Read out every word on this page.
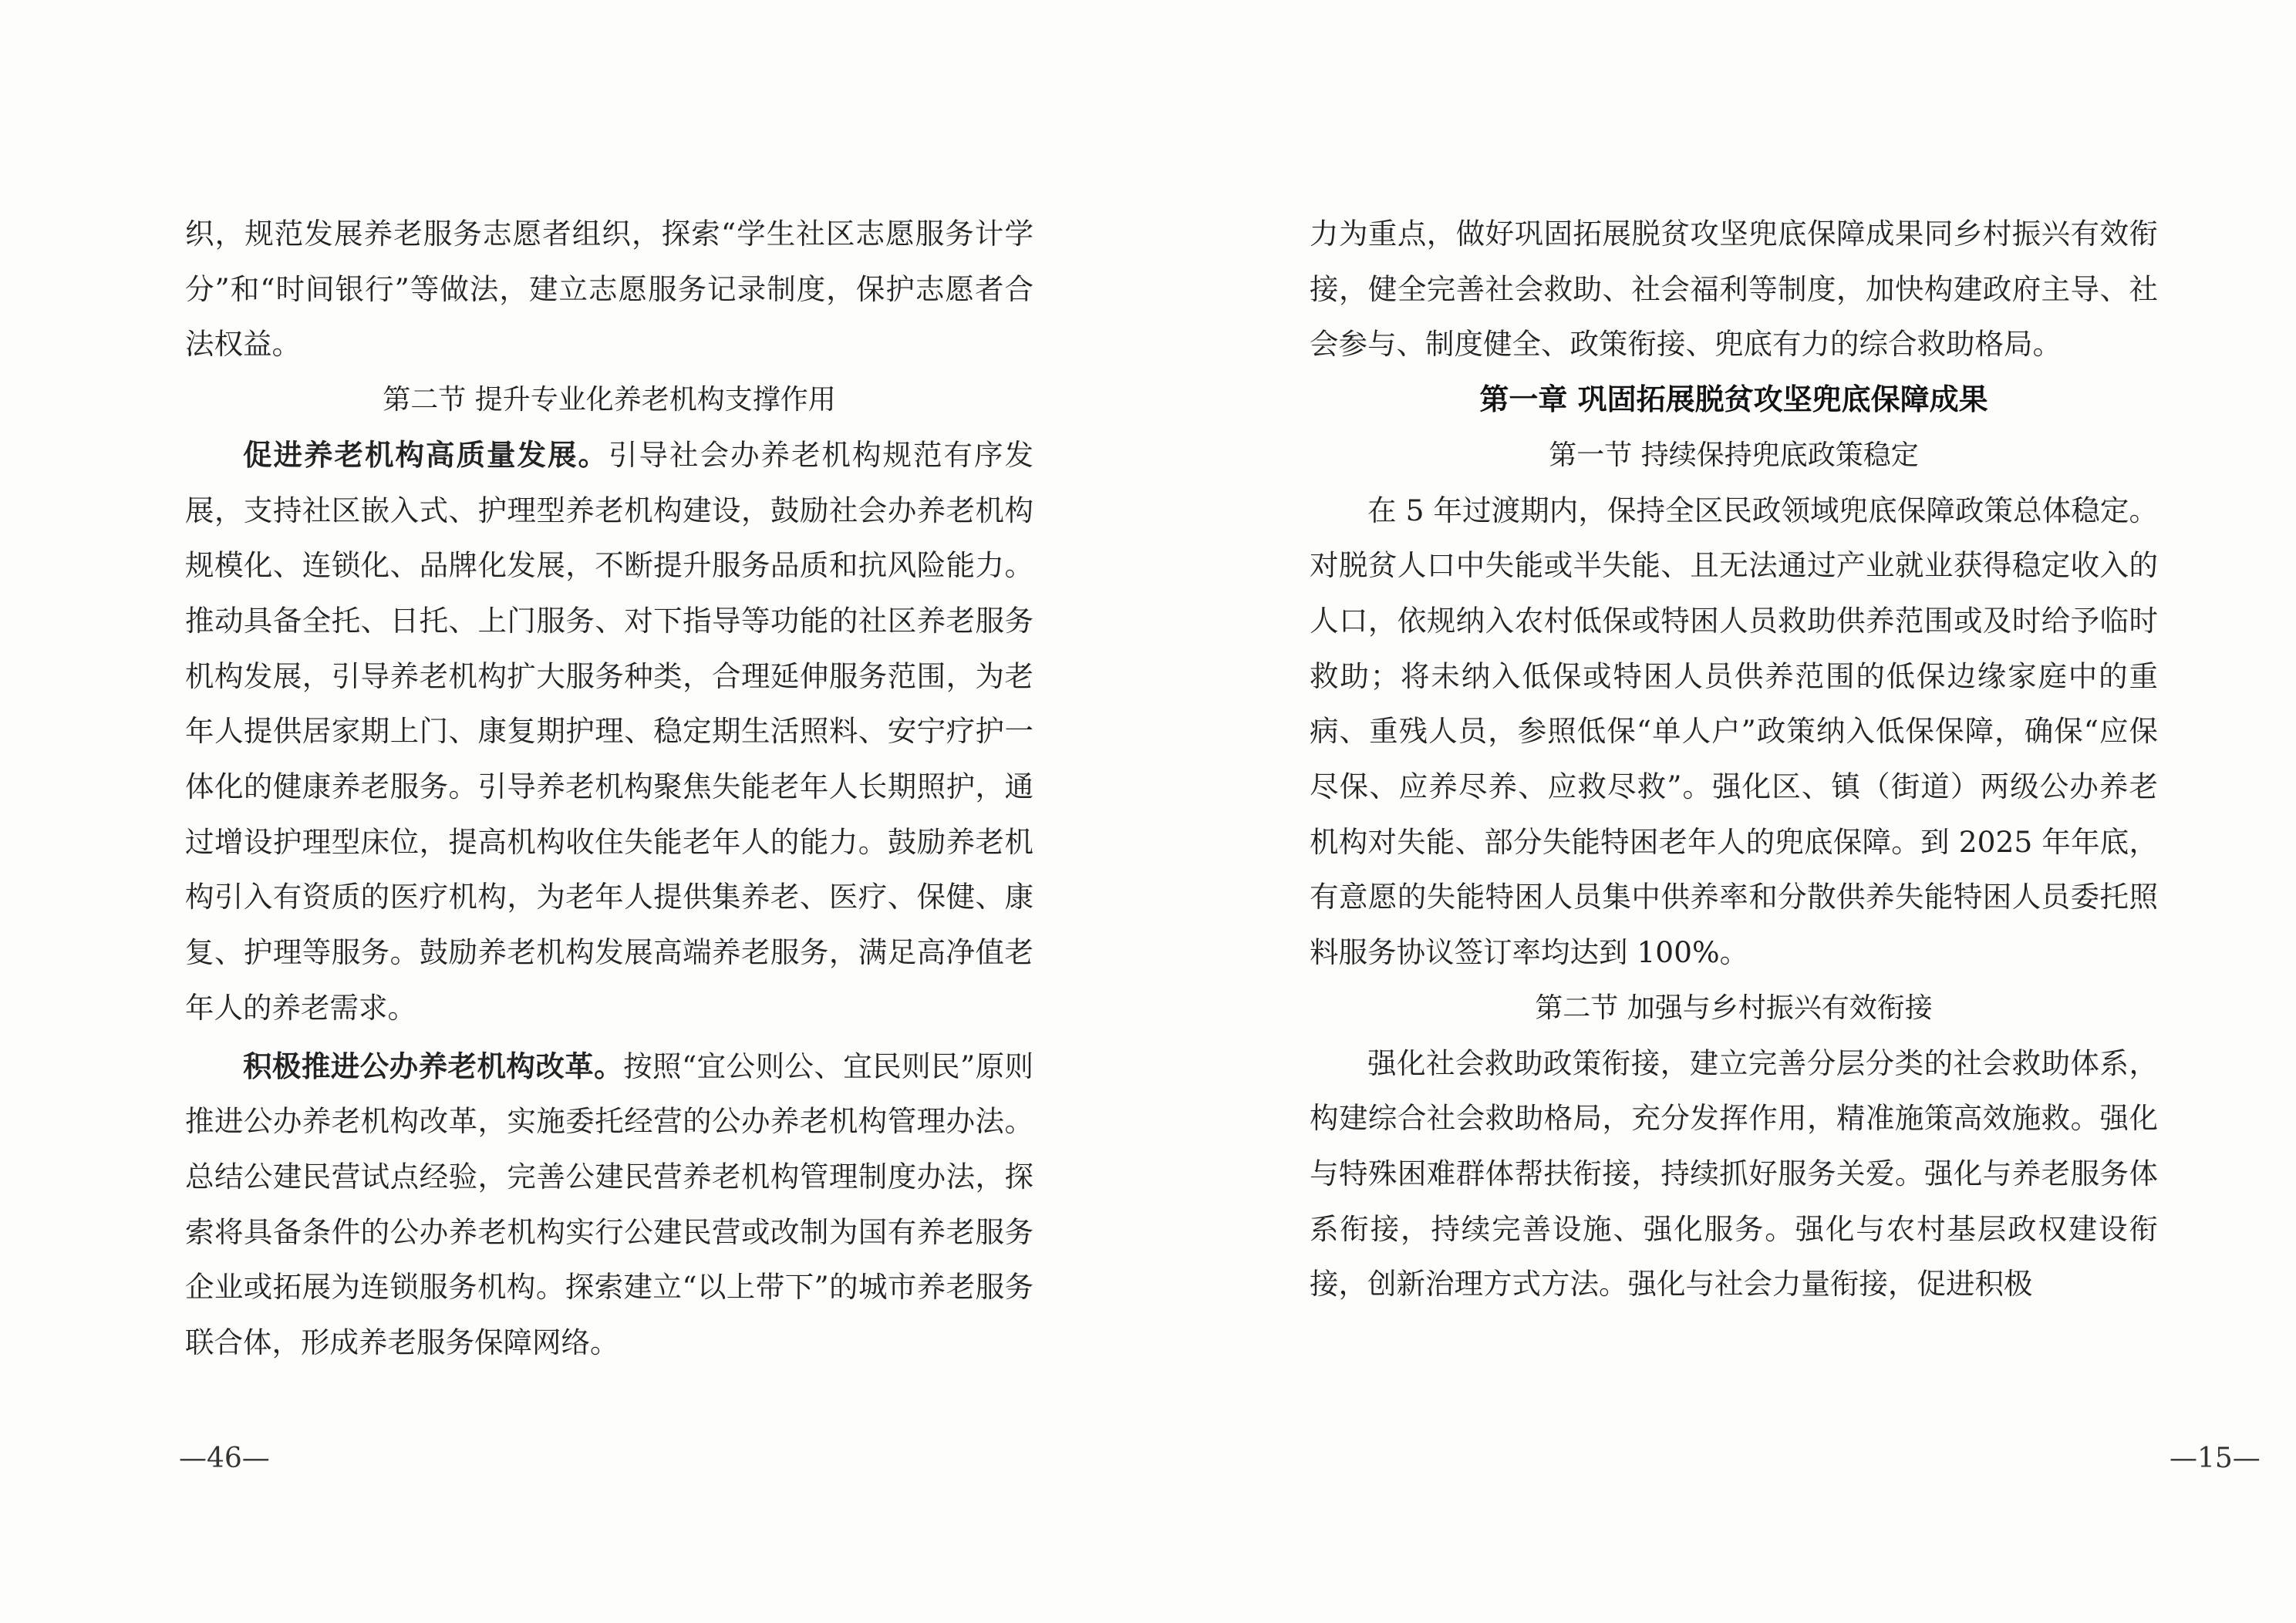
织，规范发展养老服务志愿者组织，探索“学生社区志愿服务计学分”和“时间银行”等做法，建立志愿服务记录制度，保护志愿者合法权益。

第二节 提升专业化养老机构支撑作用

促进养老机构高质量发展。引导社会办养老机构规范有序发展，支持社区嵌入式、护理型养老机构建设，鼓励社会办养老机构规模化、连锁化、品牌化发展，不断提升服务品质和抗风险能力。推动具备全托、日托、上门服务、对下指导等功能的社区养老服务机构发展，引导养老机构扩大服务种类，合理延伸服务范围，为老年人提供居家期上门、康复期护理、稳定期生活照料、安宁疗护一体化的健康养老服务。引导养老机构聚焦失能老年人长期照护，通过增设护理型床位，提高机构收住失能老年人的能力。鼓励养老机构引入有资质的医疗机构，为老年人提供集养老、医疗、保健、康复、护理等服务。鼓励养老机构发展高端养老服务，满足高净值老年人的养老需求。

积极推进公办养老机构改革。按照“宜公则公、宜民则民”原则推进公办养老机构改革，实施委托经营的公办养老机构管理办法。总结公建民营试点经验，完善公建民营养老机构管理制度办法，探索将具备条件的公办养老机构实行公建民营或改制为国有养老服务企业或拓展为连锁服务机构。探索建立“以上带下”的城市养老服务联合体，形成养老服务保障网络。

—46—

力为重点，做好巩固拓展脱贫攻坚兜底保障成果同乡村振兴有效衔接，健全完善社会救助、社会福利等制度，加快构建政府主导、社会参与、制度健全、政策衔接、兜底有力的综合救助格局。

第一章 巩固拓展脱贫攻坚兜底保障成果

第一节 持续保持兜底政策稳定

在 5 年过渡期内，保持全区民政领域兜底保障政策总体稳定。对脱贫人口中失能或半失能、且无法通过产业就业获得稳定收入的人口，依规纳入农村低保或特困人员救助供养范围或及时给予临时救助；将未纳入低保或特困人员供养范围的低保边缘家庭中的重病、重残人员，参照低保“单人户”政策纳入低保保障，确保“应保尽保、应养尽养、应救尽救”。强化区、镇（街道）两级公办养老机构对失能、部分失能特困老年人的兜底保障。到 2025 年年底，有意愿的失能特困人员集中供养率和分散供养失能特困人员委托照料服务协议签订率均达到 100%。

第二节 加强与乡村振兴有效衔接

强化社会救助政策衔接，建立完善分层分类的社会救助体系，构建综合社会救助格局，充分发挥作用，精准施策高效施救。强化与特殊困难群体帮扶衔接，持续抓好服务关爱。强化与养老服务体系衔接，持续完善设施、强化服务。强化与农村基层政权建设衔接，创新治理方式方法。强化与社会力量衔接，促进积极

—15—
